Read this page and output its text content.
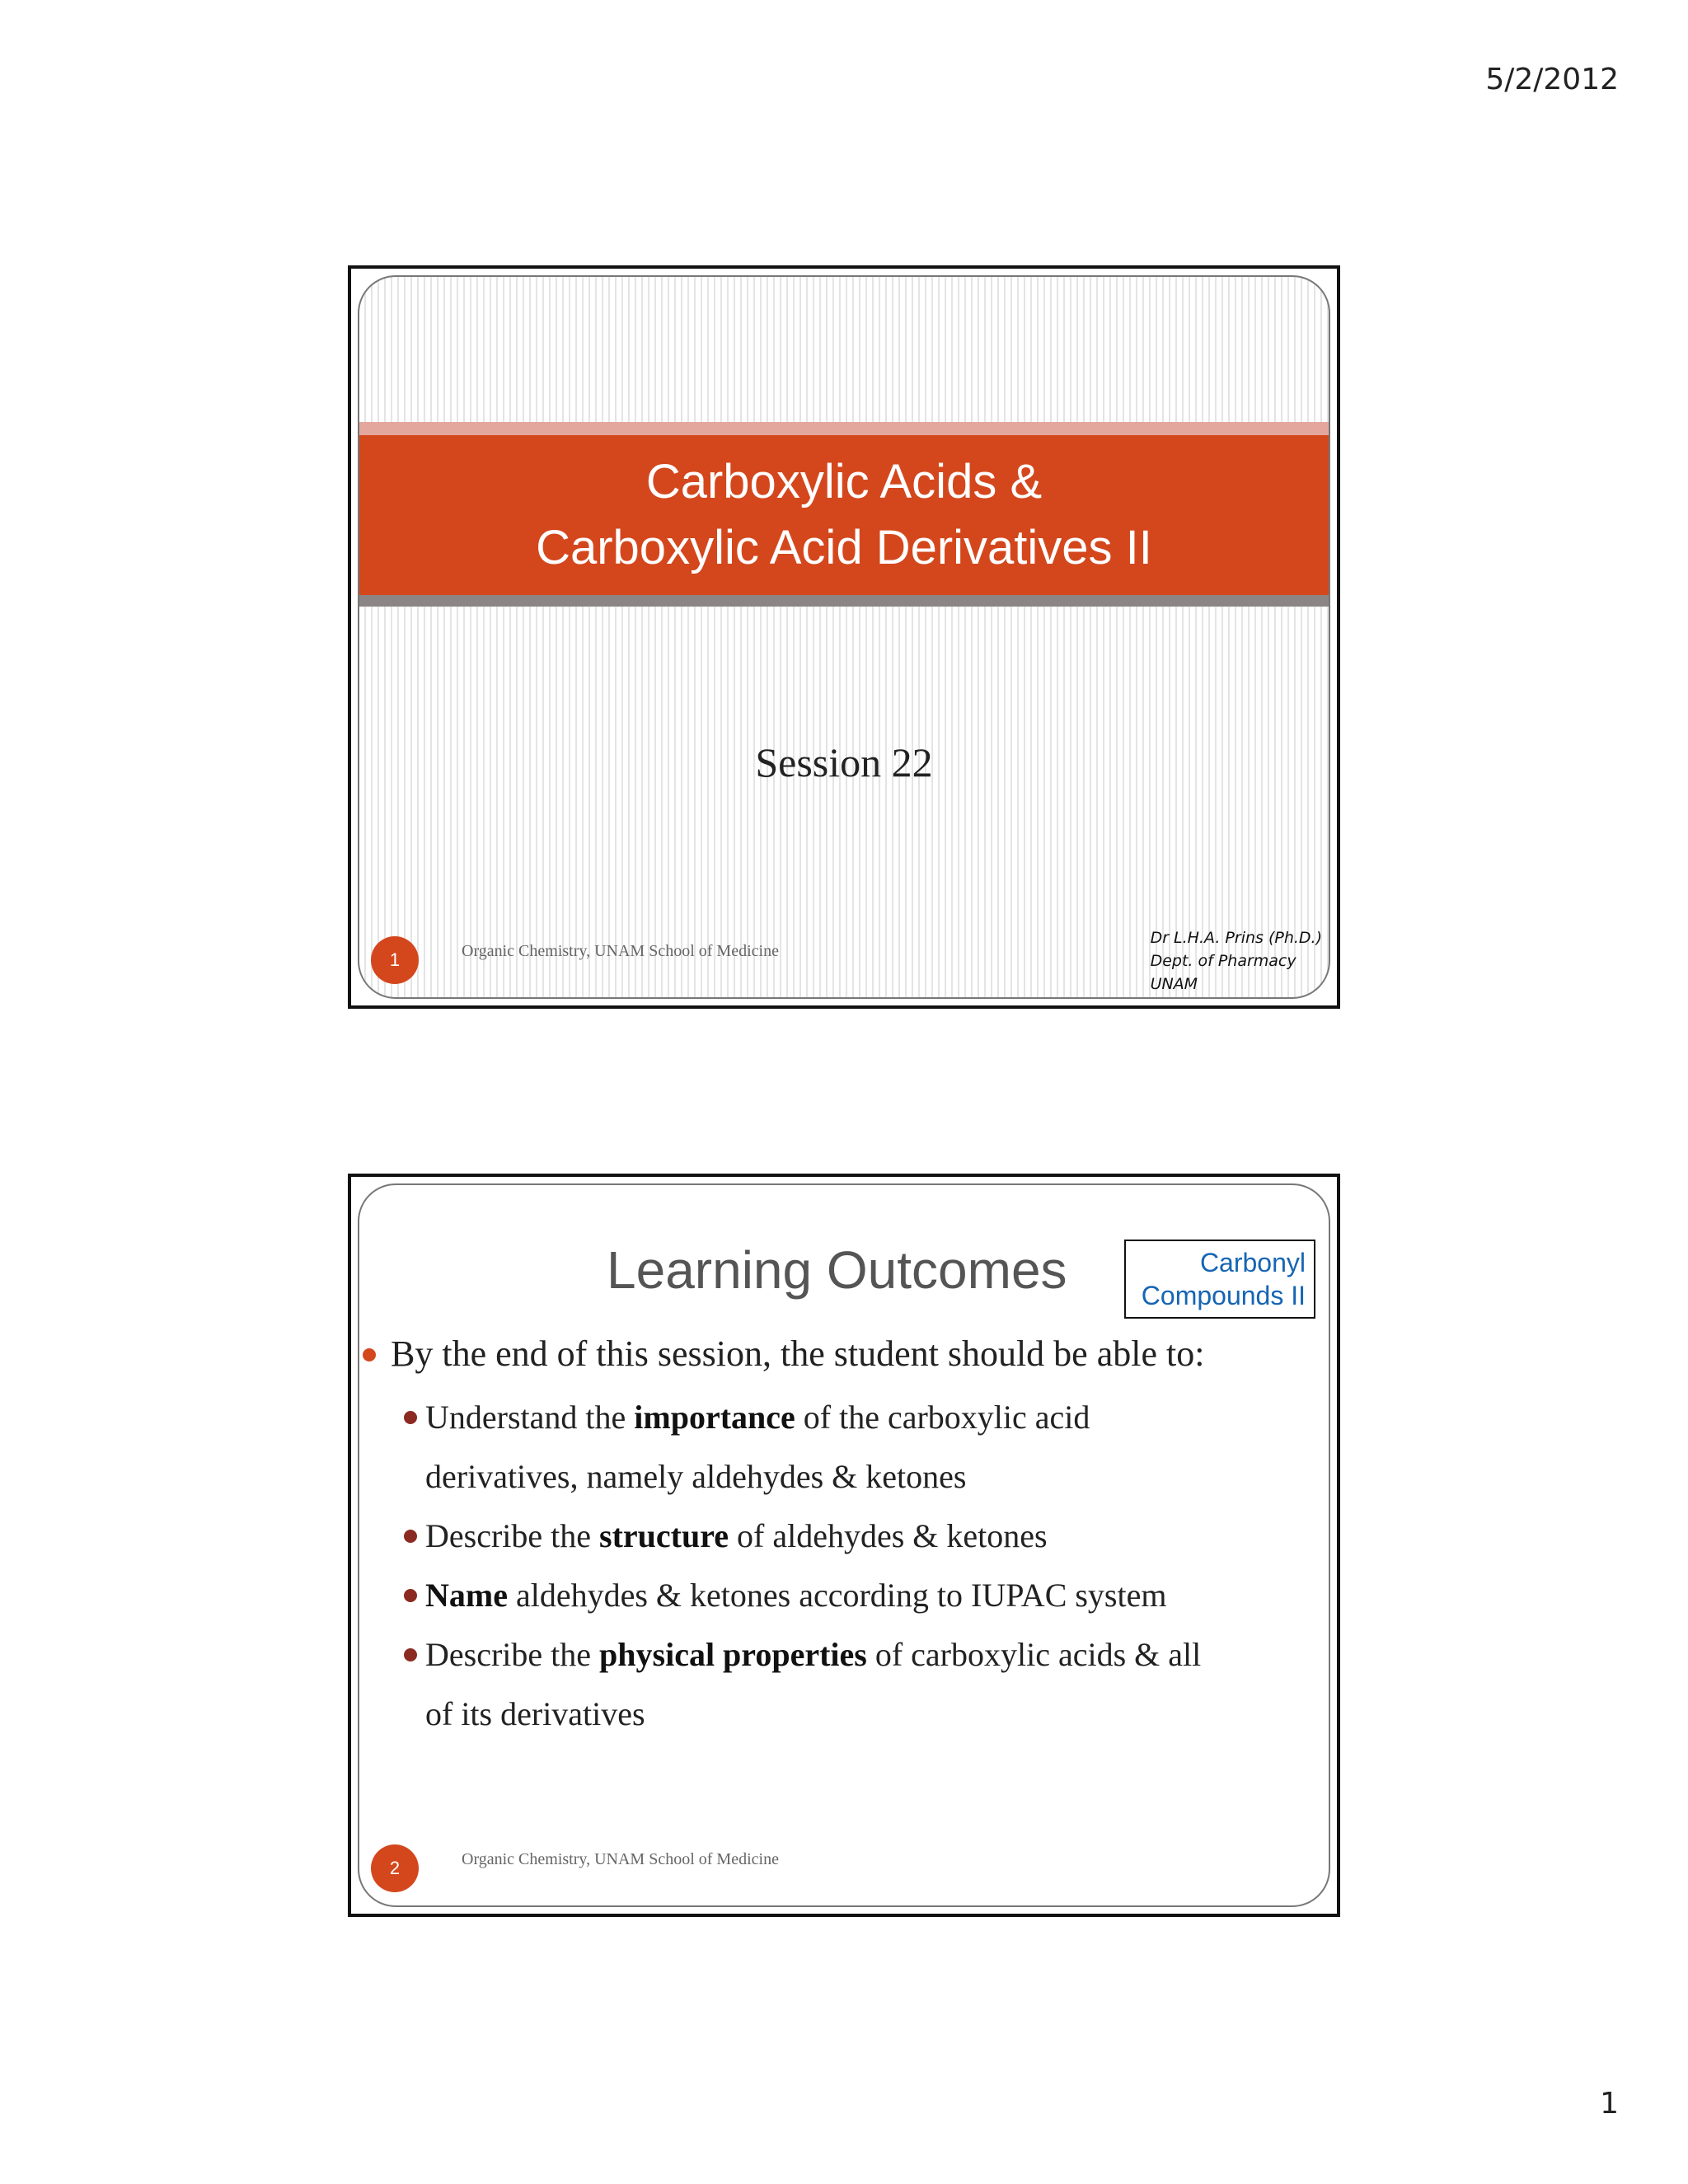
5/2/2012
Carboxylic Acids &
Carboxylic Acid Derivatives II
Session 22
1	Organic Chemistry, UNAM School of Medicine
Dr L.H.A. Prins (Ph.D.)
Dept. of Pharmacy
UNAM
Learning Outcomes	Carbonyl
Compounds II
By the end of this session, the student should be able to:
Understand the importance of the carboxylic acid
derivatives, namely aldehydes & ketones
Describe the structure of aldehydes & ketones
Name aldehydes & ketones according to IUPAC system
Describe the physical properties of carboxylic acids & all
of its derivatives
2	Organic Chemistry, UNAM School of Medicine
1
